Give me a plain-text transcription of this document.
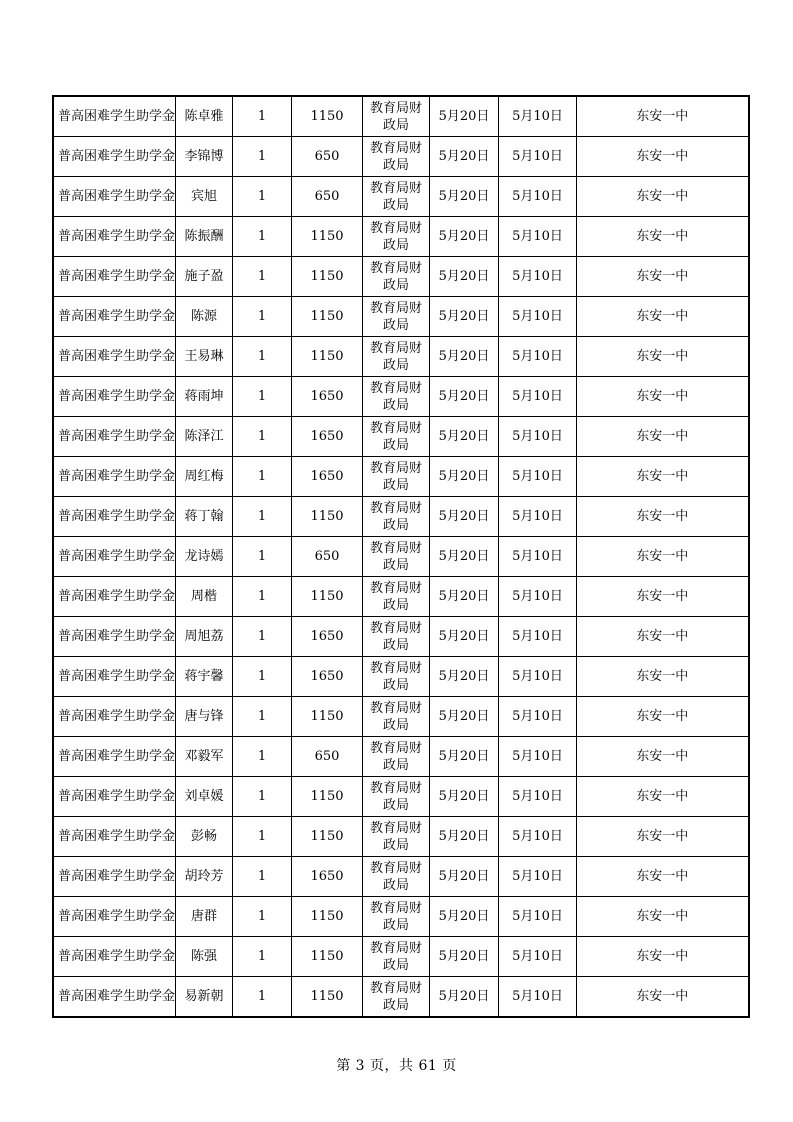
普高困难学生助学金	陈卓雅	1	1150	教育局财政局	5月20日	5月10日	东安一中
普高困难学生助学金	李锦博	1	650	教育局财政局	5月20日	5月10日	东安一中
普高困难学生助学金	宾旭	1	650	教育局财政局	5月20日	5月10日	东安一中
普高困难学生助学金	陈振酬	1	1150	教育局财政局	5月20日	5月10日	东安一中
普高困难学生助学金	施子盈	1	1150	教育局财政局	5月20日	5月10日	东安一中
普高困难学生助学金	陈源	1	1150	教育局财政局	5月20日	5月10日	东安一中
普高困难学生助学金	王易琳	1	1150	教育局财政局	5月20日	5月10日	东安一中
普高困难学生助学金	蒋雨坤	1	1650	教育局财政局	5月20日	5月10日	东安一中
普高困难学生助学金	陈泽江	1	1650	教育局财政局	5月20日	5月10日	东安一中
普高困难学生助学金	周红梅	1	1650	教育局财政局	5月20日	5月10日	东安一中
普高困难学生助学金	蒋丁翰	1	1150	教育局财政局	5月20日	5月10日	东安一中
普高困难学生助学金	龙诗嫣	1	650	教育局财政局	5月20日	5月10日	东安一中
普高困难学生助学金	周楷	1	1150	教育局财政局	5月20日	5月10日	东安一中
普高困难学生助学金	周旭荔	1	1650	教育局财政局	5月20日	5月10日	东安一中
普高困难学生助学金	蒋宇馨	1	1650	教育局财政局	5月20日	5月10日	东安一中
普高困难学生助学金	唐与锋	1	1150	教育局财政局	5月20日	5月10日	东安一中
普高困难学生助学金	邓毅军	1	650	教育局财政局	5月20日	5月10日	东安一中
普高困难学生助学金	刘卓媛	1	1150	教育局财政局	5月20日	5月10日	东安一中
普高困难学生助学金	彭畅	1	1150	教育局财政局	5月20日	5月10日	东安一中
普高困难学生助学金	胡玲芳	1	1650	教育局财政局	5月20日	5月10日	东安一中
普高困难学生助学金	唐群	1	1150	教育局财政局	5月20日	5月10日	东安一中
普高困难学生助学金	陈强	1	1150	教育局财政局	5月20日	5月10日	东安一中
普高困难学生助学金	易新朝	1	1150	教育局财政局	5月20日	5月10日	东安一中
第 3 页，共 61 页
